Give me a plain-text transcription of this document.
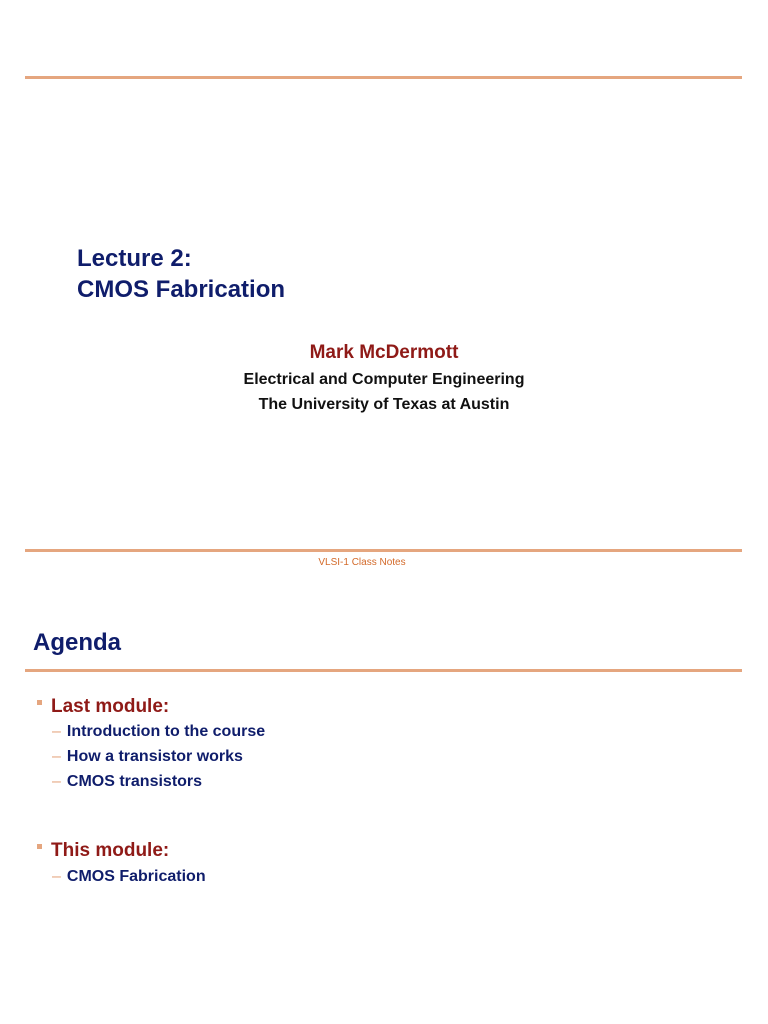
Lecture 2:
CMOS Fabrication
Mark McDermott
Electrical and Computer Engineering
The University of Texas at Austin
VLSI-1 Class Notes
Agenda
Last module:
– Introduction to the course
– How a transistor works
– CMOS transistors
This module:
– CMOS Fabrication
